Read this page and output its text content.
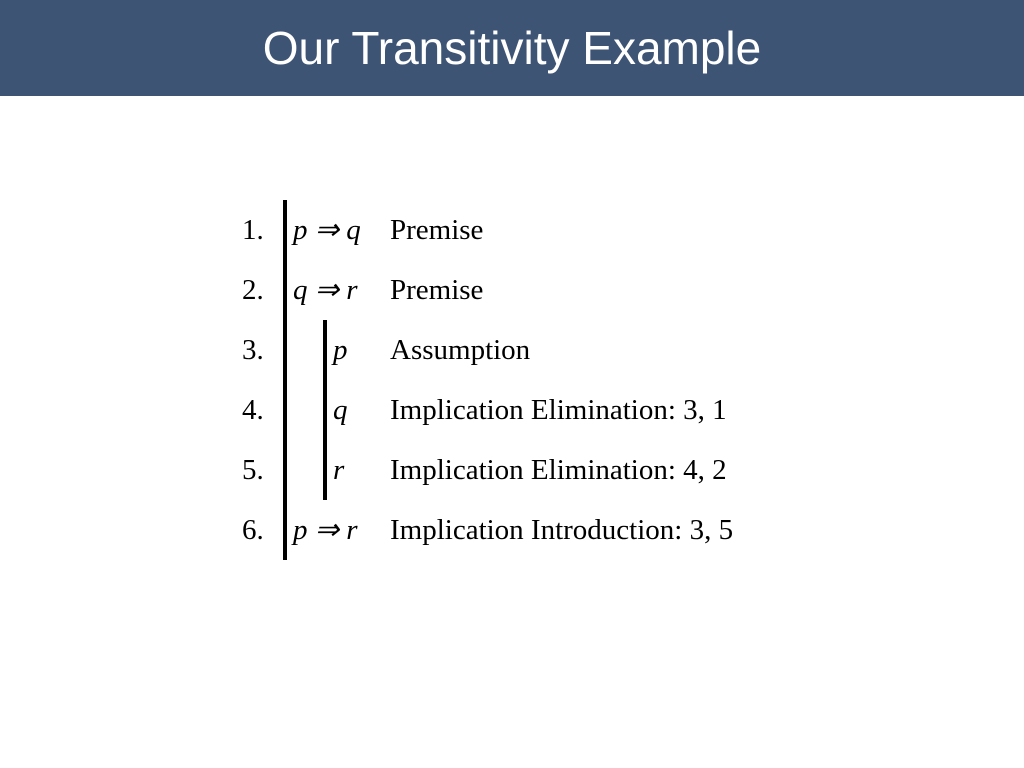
Our Transitivity Example
1. p ⇒ q Premise
2. q ⇒ r Premise
3. p Assumption
4. q Implication Elimination: 3, 1
5. r Implication Elimination: 4, 2
6. p ⇒ r Implication Introduction: 3, 5
